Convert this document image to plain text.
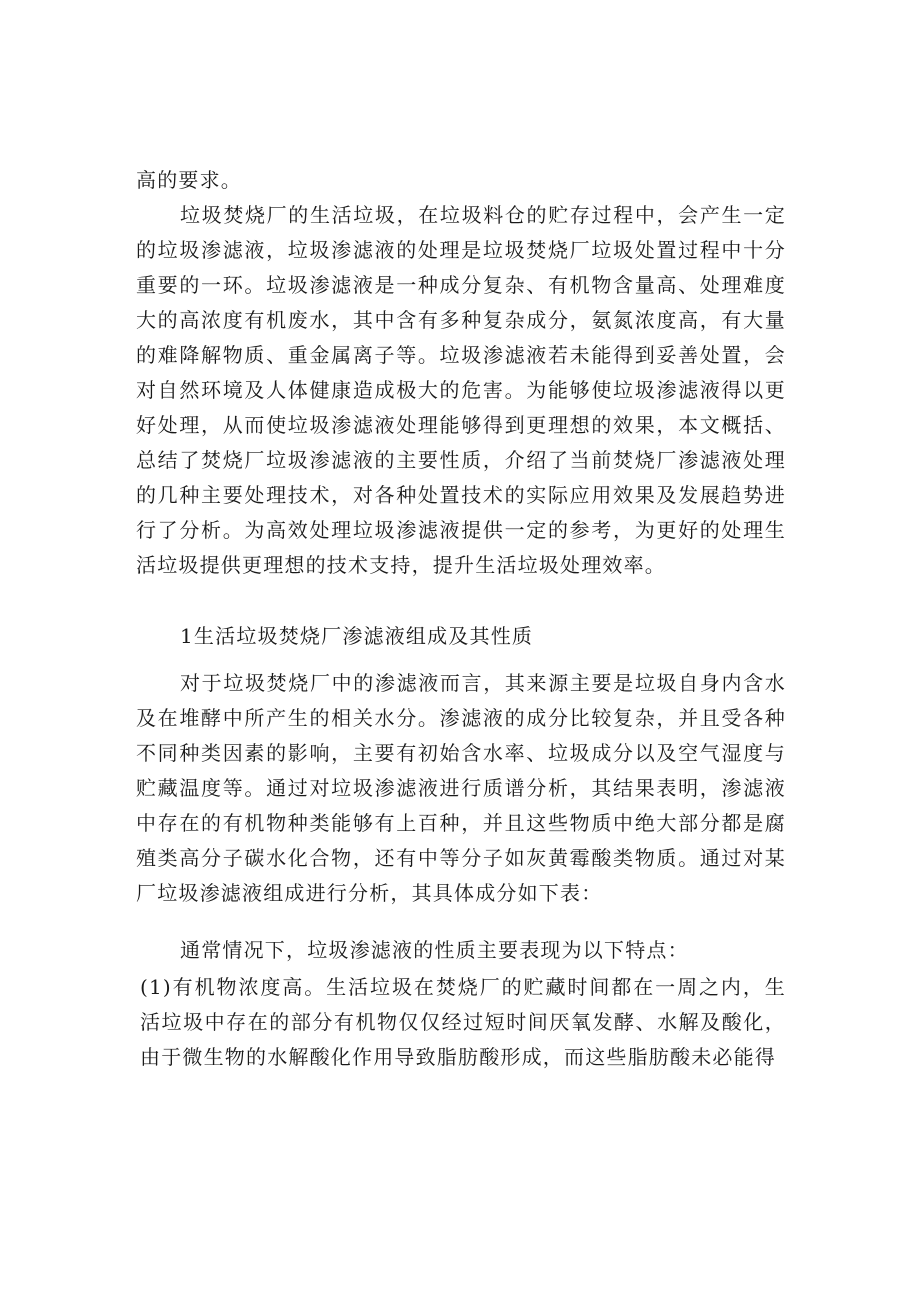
高的要求。

垃圾焚烧厂的生活垃圾，在垃圾料仓的贮存过程中，会产生一定的垃圾渗滤液，垃圾渗滤液的处理是垃圾焚烧厂垃圾处置过程中十分重要的一环。垃圾渗滤液是一种成分复杂、有机物含量高、处理难度大的高浓度有机废水，其中含有多种复杂成分，氨氮浓度高，有大量的难降解物质、重金属离子等。垃圾渗滤液若未能得到妥善处置，会对自然环境及人体健康造成极大的危害。为能够使垃圾渗滤液得以更好处理，从而使垃圾渗滤液处理能够得到更理想的效果，本文概括、总结了焚烧厂垃圾渗滤液的主要性质，介绍了当前焚烧厂渗滤液处理的几种主要处理技术，对各种处置技术的实际应用效果及发展趋势进行了分析。为高效处理垃圾渗滤液提供一定的参考，为更好的处理生活垃圾提供更理想的技术支持，提升生活垃圾处理效率。

1生活垃圾焚烧厂渗滤液组成及其性质

对于垃圾焚烧厂中的渗滤液而言，其来源主要是垃圾自身内含水及在堆酵中所产生的相关水分。渗滤液的成分比较复杂，并且受各种不同种类因素的影响，主要有初始含水率、垃圾成分以及空气湿度与贮藏温度等。通过对垃圾渗滤液进行质谱分析，其结果表明，渗滤液中存在的有机物种类能够有上百种，并且这些物质中绝大部分都是腐殖类高分子碳水化合物，还有中等分子如灰黄霉酸类物质。通过对某厂垃圾渗滤液组成进行分析，其具体成分如下表：

通常情况下，垃圾渗滤液的性质主要表现为以下特点：

(1)有机物浓度高。生活垃圾在焚烧厂的贮藏时间都在一周之内，生活垃圾中存在的部分有机物仅仅经过短时间厌氧发酵、水解及酸化，由于微生物的水解酸化作用导致脂肪酸形成，而这些脂肪酸未必能得
